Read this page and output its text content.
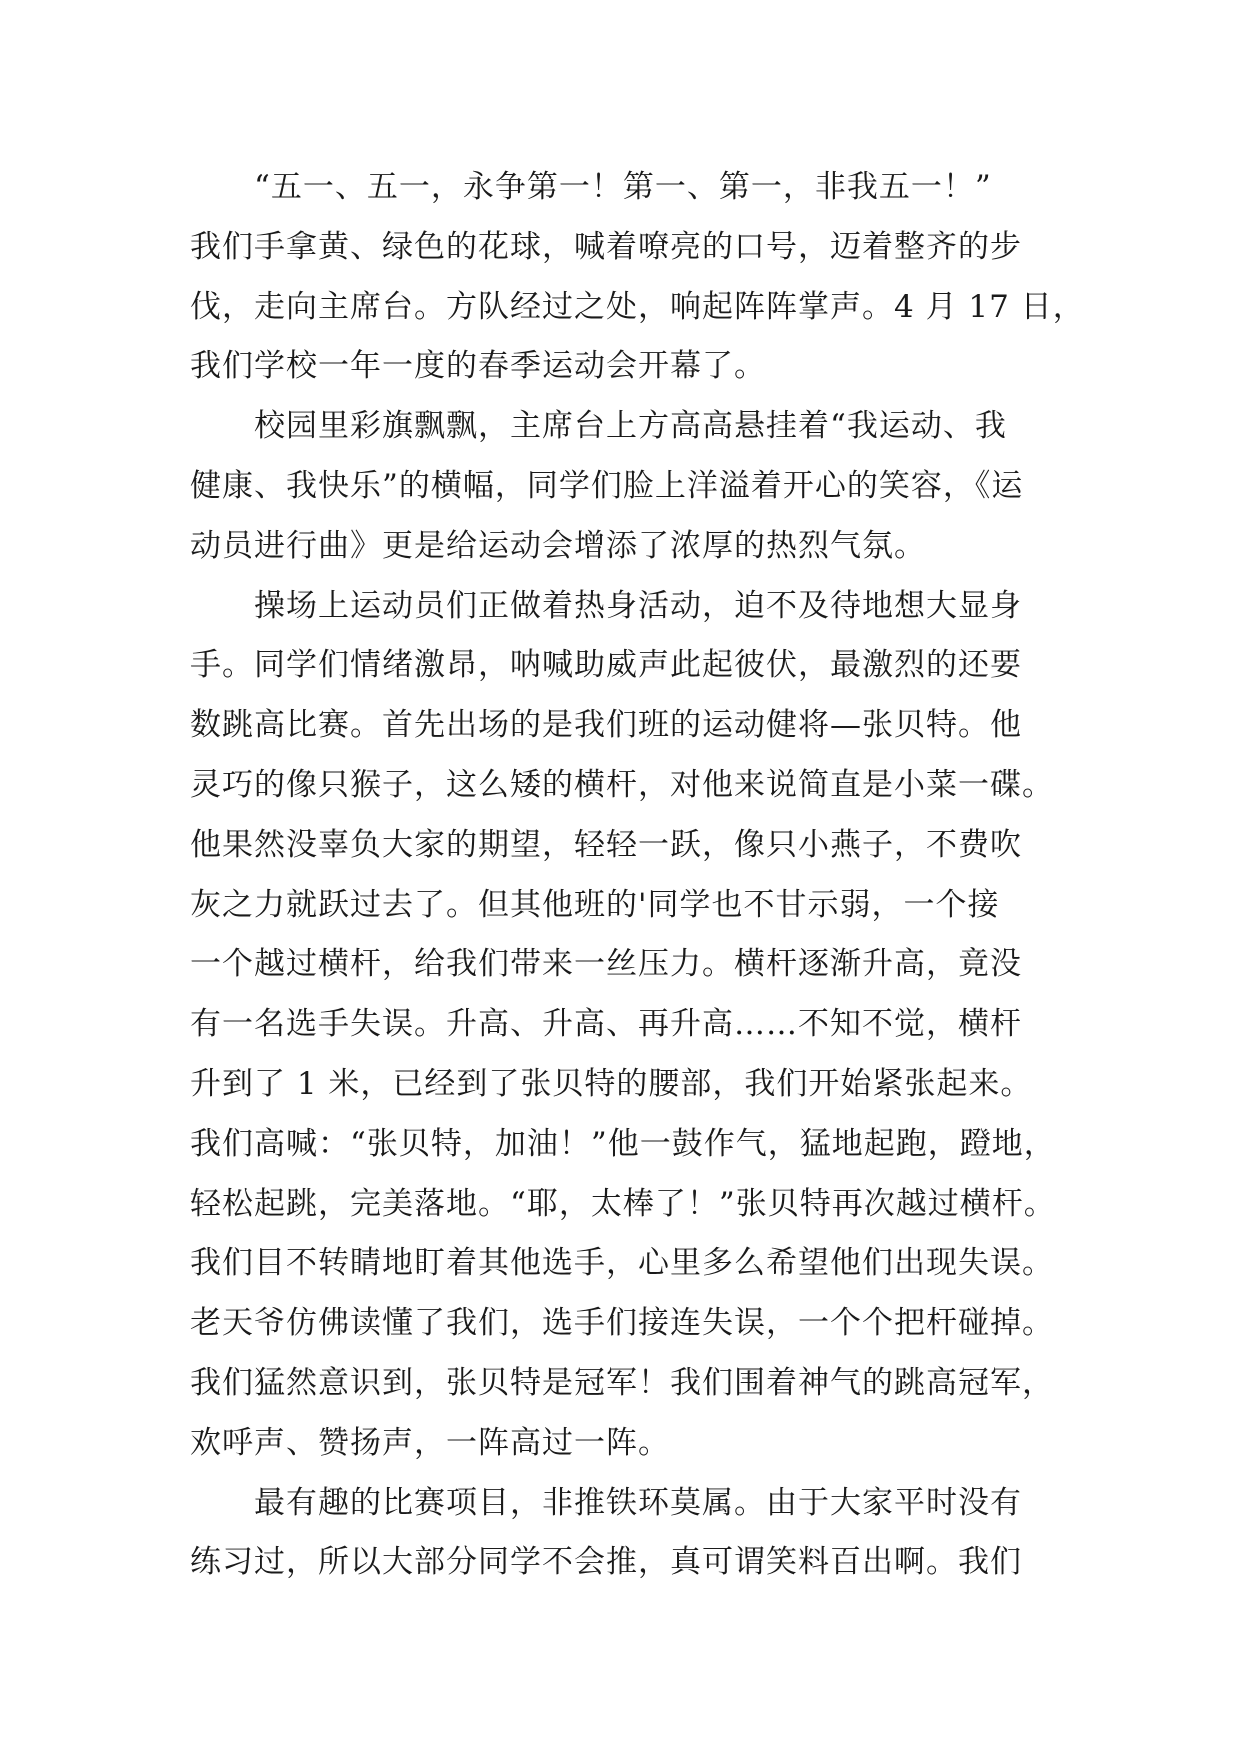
“五一、五一，永争第一！第一、第一，非我五一！”
我们手拿黄、绿色的花球，喊着嘹亮的口号，迈着整齐的步
伐，走向主席台。方队经过之处，响起阵阵掌声。4 月 17 日，
我们学校一年一度的春季运动会开幕了。
校园里彩旗飘飘，主席台上方高高悬挂着“我运动、我
健康、我快乐”的横幅，同学们脸上洋溢着开心的笑容，《运
动员进行曲》更是给运动会增添了浓厚的热烈气氛。
操场上运动员们正做着热身活动，迫不及待地想大显身
手。同学们情绪激昂，呐喊助威声此起彼伏，最激烈的还要
数跳高比赛。首先出场的是我们班的运动健将—张贝特。他
灵巧的像只猴子，这么矮的横杆，对他来说简直是小菜一碟。
他果然没辜负大家的期望，轻轻一跃，像只小燕子，不费吹
灰之力就跃过去了。但其他班的'同学也不甘示弱，一个接
一个越过横杆，给我们带来一丝压力。横杆逐渐升高，竟没
有一名选手失误。升高、升高、再升高……不知不觉，横杆
升到了 1 米，已经到了张贝特的腰部，我们开始紧张起来。
我们高喊：“张贝特，加油！”他一鼓作气，猛地起跑，蹬地，
轻松起跳，完美落地。“耶，太棒了！”张贝特再次越过横杆。
我们目不转睛地盯着其他选手，心里多么希望他们出现失误。
老天爷仿佛读懂了我们，选手们接连失误，一个个把杆碰掉。
我们猛然意识到，张贝特是冠军！我们围着神气的跳高冠军，
欢呼声、赞扬声，一阵高过一阵。
最有趣的比赛项目，非推铁环莫属。由于大家平时没有
练习过，所以大部分同学不会推，真可谓笑料百出啊。我们
